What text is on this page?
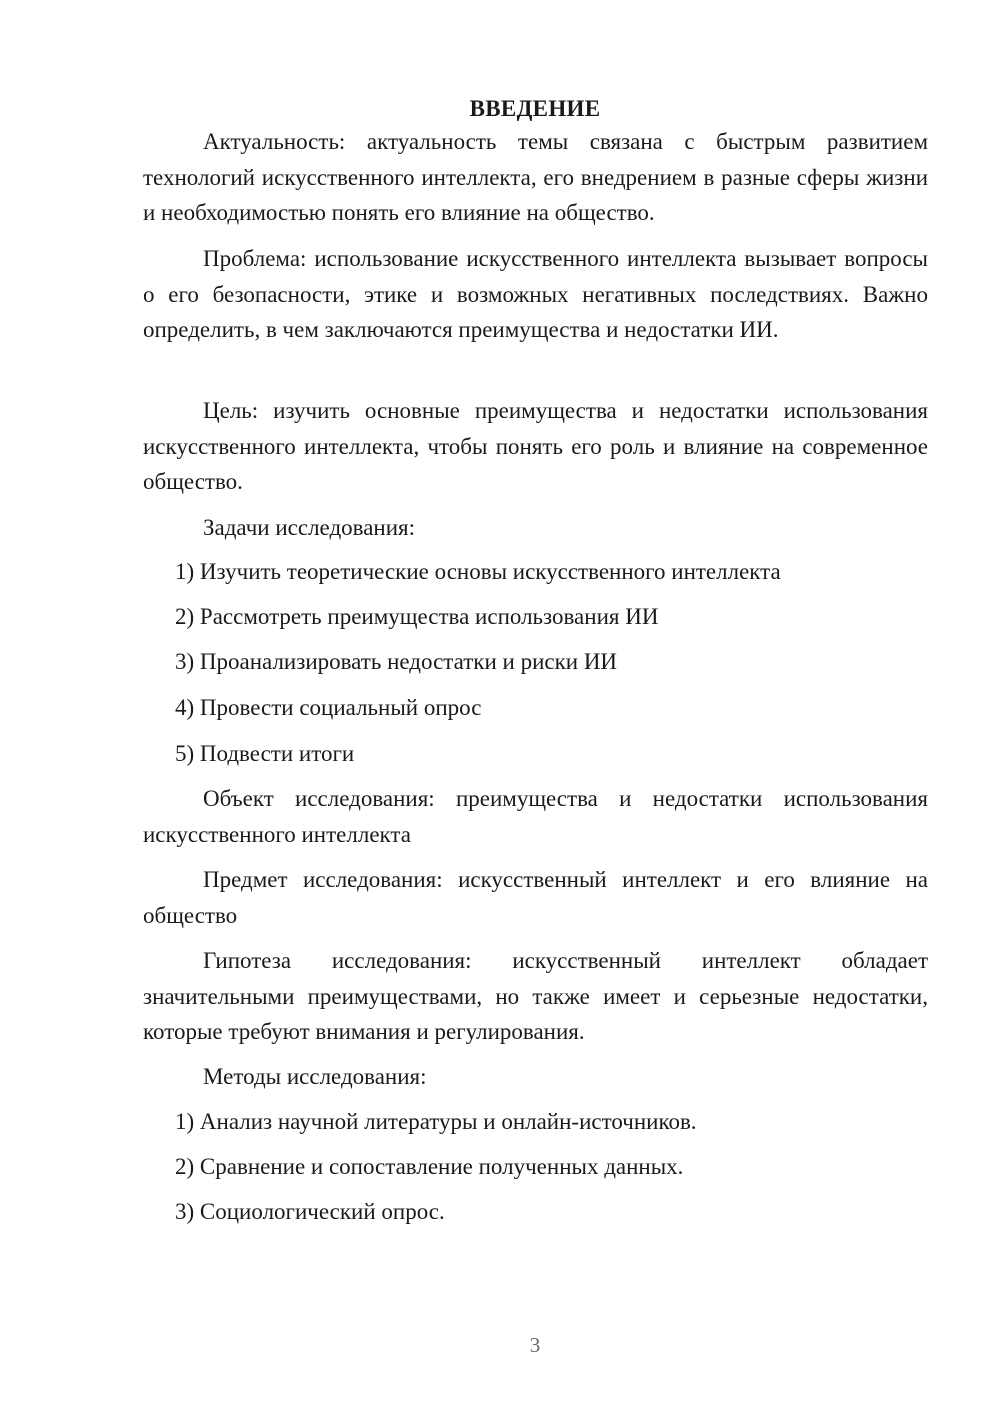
ВВЕДЕНИЕ

Актуальность: актуальность темы связана с быстрым развитием технологий искусственного интеллекта, его внедрением в разные сферы жизни и необходимостью понять его влияние на общество.

Проблема: использование искусственного интеллекта вызывает вопросы о его безопасности, этике и возможных негативных последствиях. Важно определить, в чем заключаются преимущества и недостатки ИИ.

Цель: изучить основные преимущества и недостатки использования искусственного интеллекта, чтобы понять его роль и влияние на современное общество.

Задачи исследования:

1) Изучить теоретические основы искусственного интеллекта
2) Рассмотреть преимущества использования ИИ
3) Проанализировать недостатки и риски ИИ
4) Провести социальный опрос
5) Подвести итоги

Объект исследования: преимущества и недостатки использования искусственного интеллекта

Предмет исследования: искусственный интеллект и его влияние на общество

Гипотеза исследования: искусственный интеллект обладает значительными преимуществами, но также имеет и серьезные недостатки, которые требуют внимания и регулирования.

Методы исследования:

1) Анализ научной литературы и онлайн-источников.
2) Сравнение и сопоставление полученных данных.
3) Социологический опрос.
3
